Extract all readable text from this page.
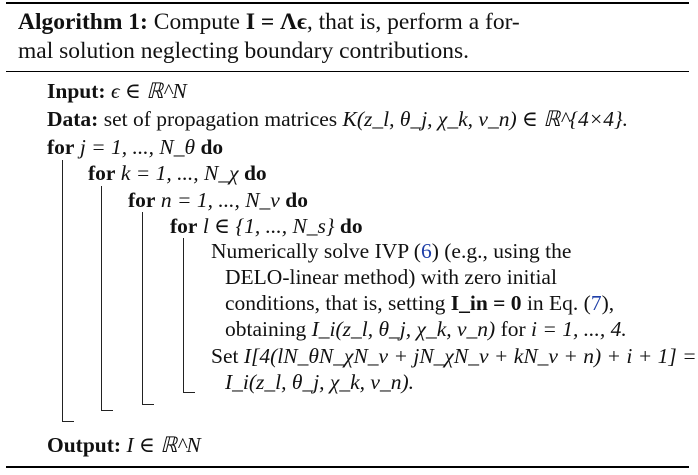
Algorithm 1: Compute I = Λϵ, that is, perform a for-
mal solution neglecting boundary contributions.
Input: ϵ ∈ ℝ^N
Data: set of propagation matrices K(z_l, θ_j, χ_k, ν_n) ∈ ℝ^{4×4}.
for j = 1, ..., N_θ do
for k = 1, ..., N_χ do
for n = 1, ..., N_ν do
for l ∈ {1, ..., N_s} do
Numerically solve IVP (6) (e.g., using the
DELO-linear method) with zero initial
conditions, that is, setting I_in = 0 in Eq. (7),
obtaining I_i(z_l, θ_j, χ_k, ν_n) for i = 1, ..., 4.
Set I[4(lN_θN_χN_ν + jN_χN_ν + kN_ν + n) + i + 1] =
I_i(z_l, θ_j, χ_k, ν_n).
Output: I ∈ ℝ^N
